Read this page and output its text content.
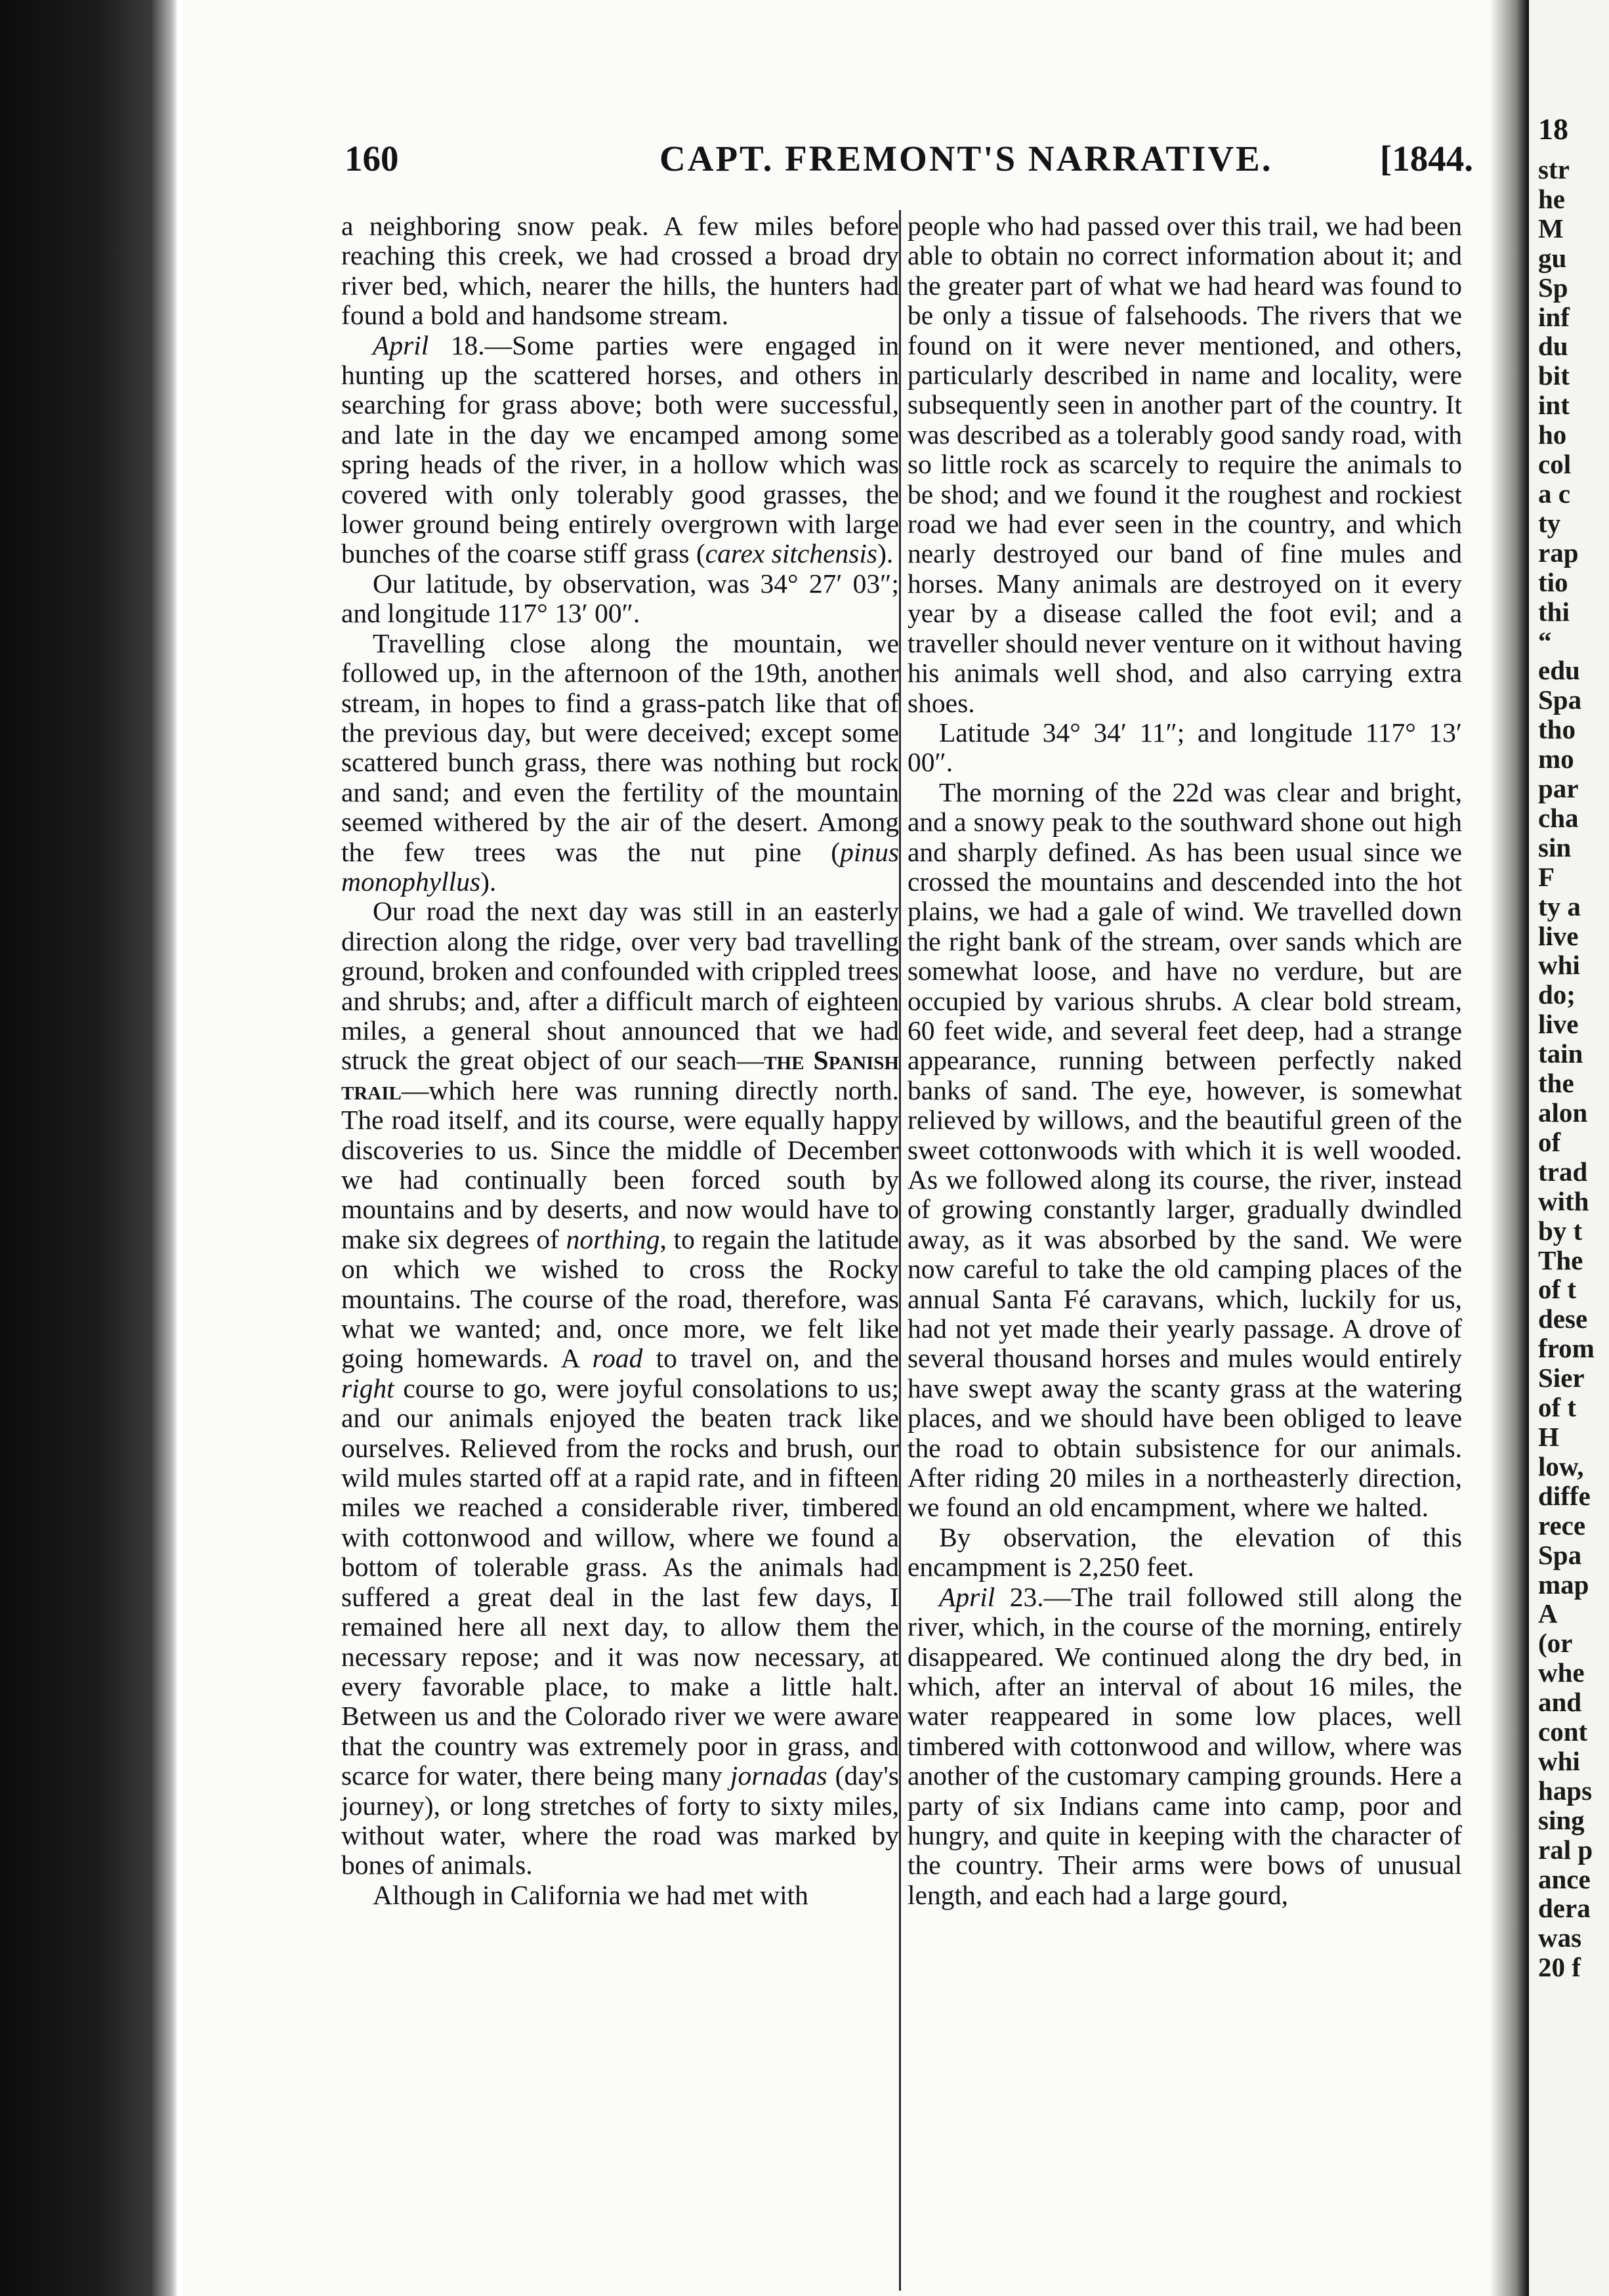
18
str
he
M
gu
Sp
inf
du
bit
int
ho
col
a c
ty
rap
tio
thi
“
edu
Spa
tho
mo
par
cha
sin
F
ty a
live
whi
do;
live
tain
the
alon
of
trad
with
by t
The
of t
dese
from
Sier
of t
H
low,
diffe
rece
Spa
map
A
(or
whe
and
cont
whi
haps
sing
ral p
ance
dera
was
20 f
160	CAPT. FREMONT'S NARRATIVE.	[1844.

a neighboring snow peak. A few miles before reaching this creek, we had crossed a broad dry river bed, which, nearer the hills, the hunters had found a bold and handsome stream.

April 18.—Some parties were engaged in hunting up the scattered horses, and others in searching for grass above; both were successful, and late in the day we encamped among some spring heads of the river, in a hollow which was covered with only tolerably good grasses, the lower ground being entirely overgrown with large bunches of the coarse stiff grass (carex sitchensis).

Our latitude, by observation, was 34° 27′ 03″; and longitude 117° 13′ 00″.

Travelling close along the mountain, we followed up, in the afternoon of the 19th, another stream, in hopes to find a grass-patch like that of the previous day, but were deceived; except some scattered bunch grass, there was nothing but rock and sand; and even the fertility of the mountain seemed withered by the air of the desert. Among the few trees was the nut pine (pinus monophyllus).

Our road the next day was still in an easterly direction along the ridge, over very bad travelling ground, broken and confounded with crippled trees and shrubs; and, after a difficult march of eighteen miles, a general shout announced that we had struck the great object of our seach—the Spanish trail—which here was running directly north. The road itself, and its course, were equally happy discoveries to us. Since the middle of December we had continually been forced south by mountains and by deserts, and now would have to make six degrees of northing, to regain the latitude on which we wished to cross the Rocky mountains. The course of the road, therefore, was what we wanted; and, once more, we felt like going homewards. A road to travel on, and the right course to go, were joyful consolations to us; and our animals enjoyed the beaten track like ourselves. Relieved from the rocks and brush, our wild mules started off at a rapid rate, and in fifteen miles we reached a considerable river, timbered with cottonwood and willow, where we found a bottom of tolerable grass. As the animals had suffered a great deal in the last few days, I remained here all next day, to allow them the necessary repose; and it was now necessary, at every favorable place, to make a little halt. Between us and the Colorado river we were aware that the country was extremely poor in grass, and scarce for water, there being many jornadas (day's journey), or long stretches of forty to sixty miles, without water, where the road was marked by bones of animals.

Although in California we had met with

people who had passed over this trail, we had been able to obtain no correct information about it; and the greater part of what we had heard was found to be only a tissue of falsehoods. The rivers that we found on it were never mentioned, and others, particularly described in name and locality, were subsequently seen in another part of the country. It was described as a tolerably good sandy road, with so little rock as scarcely to require the animals to be shod; and we found it the roughest and rockiest road we had ever seen in the country, and which nearly destroyed our band of fine mules and horses. Many animals are destroyed on it every year by a disease called the foot evil; and a traveller should never venture on it without having his animals well shod, and also carrying extra shoes.

Latitude 34° 34′ 11″; and longitude 117° 13′ 00″.

The morning of the 22d was clear and bright, and a snowy peak to the southward shone out high and sharply defined. As has been usual since we crossed the mountains and descended into the hot plains, we had a gale of wind. We travelled down the right bank of the stream, over sands which are somewhat loose, and have no verdure, but are occupied by various shrubs. A clear bold stream, 60 feet wide, and several feet deep, had a strange appearance, running between perfectly naked banks of sand. The eye, however, is somewhat relieved by willows, and the beautiful green of the sweet cottonwoods with which it is well wooded. As we followed along its course, the river, instead of growing constantly larger, gradually dwindled away, as it was absorbed by the sand. We were now careful to take the old camping places of the annual Santa Fé caravans, which, luckily for us, had not yet made their yearly passage. A drove of several thousand horses and mules would entirely have swept away the scanty grass at the watering places, and we should have been obliged to leave the road to obtain subsistence for our animals. After riding 20 miles in a northeasterly direction, we found an old encampment, where we halted.

By observation, the elevation of this encampment is 2,250 feet.

April 23.—The trail followed still along the river, which, in the course of the morning, entirely disappeared. We continued along the dry bed, in which, after an interval of about 16 miles, the water reappeared in some low places, well timbered with cottonwood and willow, where was another of the customary camping grounds. Here a party of six Indians came into camp, poor and hungry, and quite in keeping with the character of the country. Their arms were bows of unusual length, and each had a large gourd,
